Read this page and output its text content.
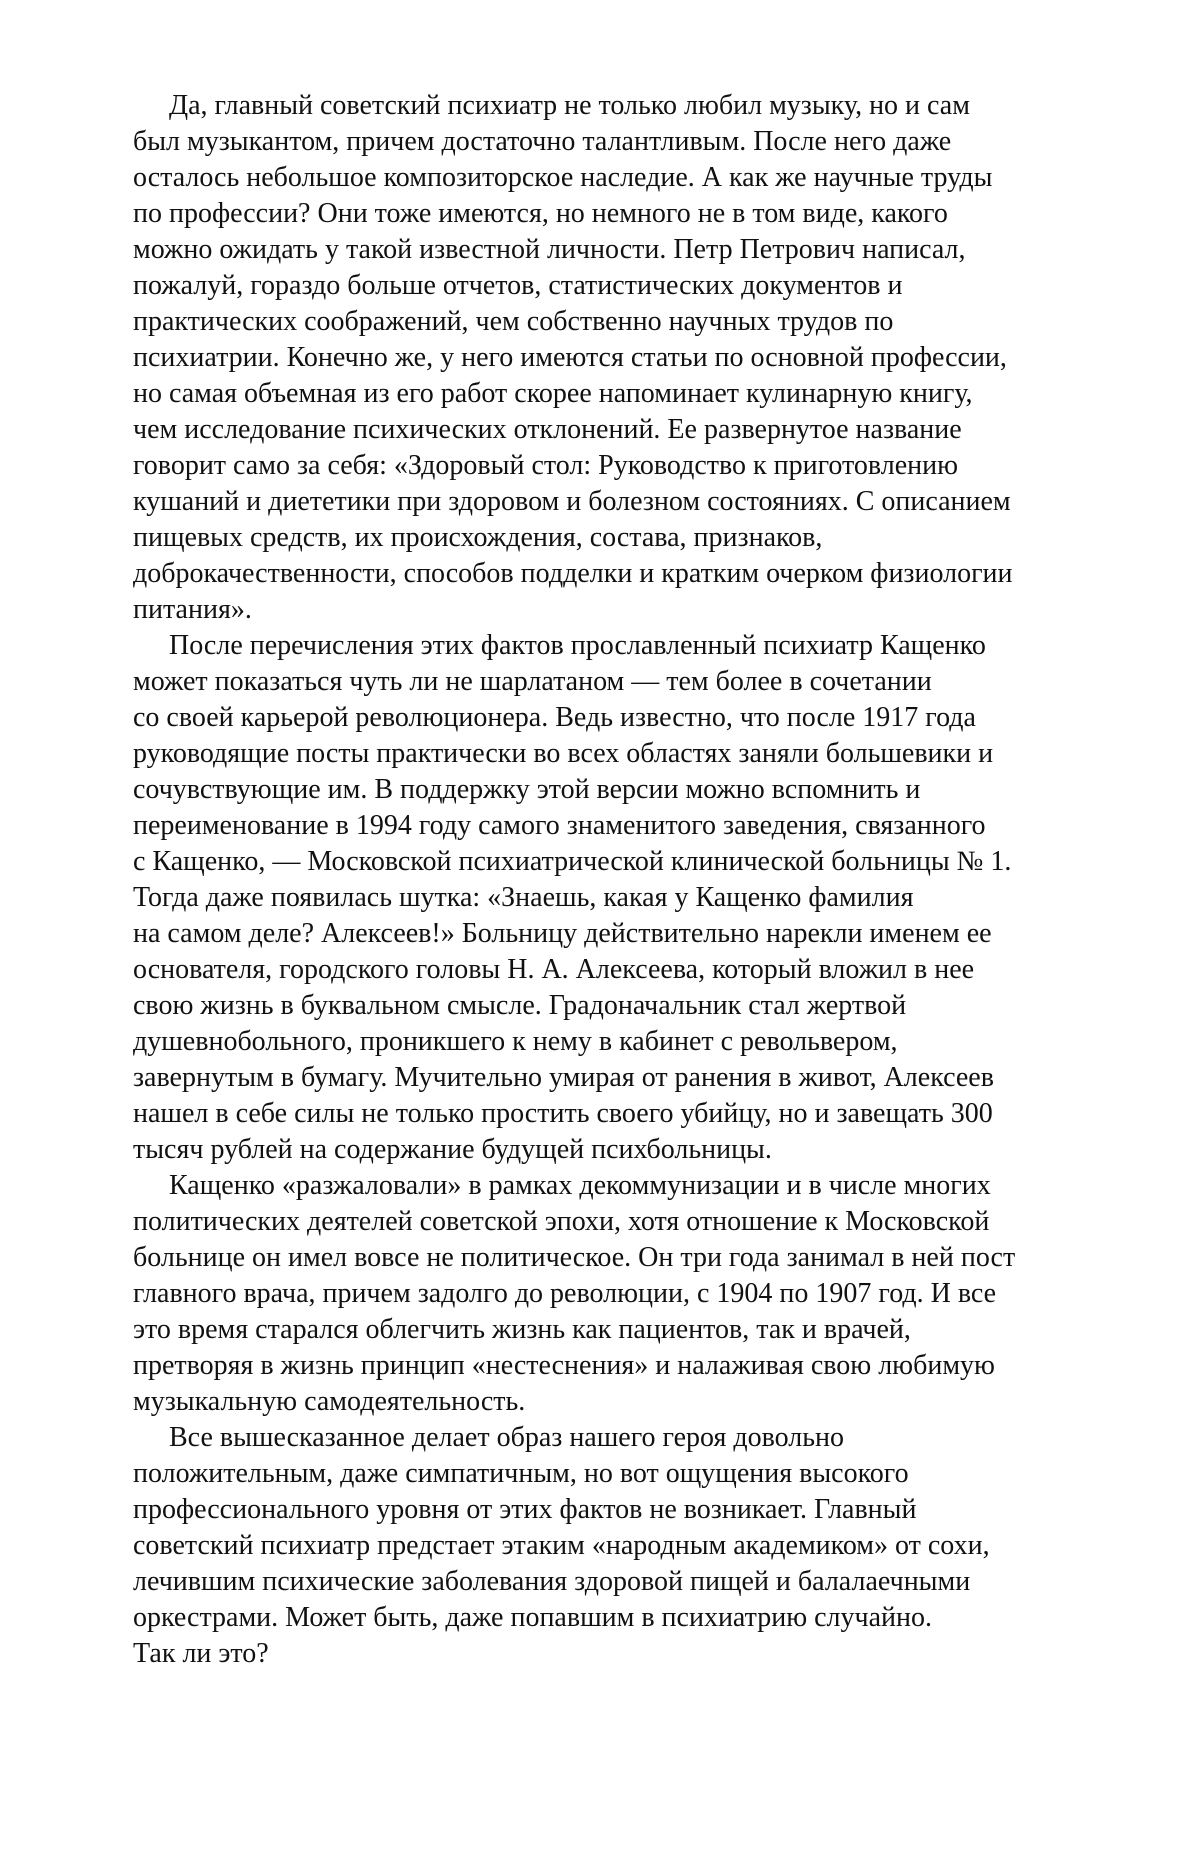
Да, главный советский психиатр не только любил музыку, но и сам
был музыкантом, причем достаточно талантливым. После него даже
осталось небольшое композиторское наследие. А как же научные труды
по профессии? Они тоже имеются, но немного не в том виде, какого
можно ожидать у такой известной личности. Петр Петрович написал,
пожалуй, гораздо больше отчетов, статистических документов и
практических соображений, чем собственно научных трудов по
психиатрии. Конечно же, у него имеются статьи по основной профессии,
но самая объемная из его работ скорее напоминает кулинарную книгу,
чем исследование психических отклонений. Ее развернутое название
говорит само за себя: «Здоровый стол: Руководство к приготовлению
кушаний и диететики при здоровом и болезном состояниях. С описанием
пищевых средств, их происхождения, состава, признаков,
доброкачественности, способов подделки и кратким очерком физиологии
питания».

После перечисления этих фактов прославленный психиатр Кащенко
может показаться чуть ли не шарлатаном — тем более в сочетании
со своей карьерой революционера. Ведь известно, что после 1917 года
руководящие посты практически во всех областях заняли большевики и
сочувствующие им. В поддержку этой версии можно вспомнить и
переименование в 1994 году самого знаменитого заведения, связанного
с Кащенко, — Московской психиатрической клинической больницы № 1.
Тогда даже появилась шутка: «Знаешь, какая у Кащенко фамилия
на самом деле? Алексеев!» Больницу действительно нарекли именем ее
основателя, городского головы Н. А. Алексеева, который вложил в нее
свою жизнь в буквальном смысле. Градоначальник стал жертвой
душевнобольного, проникшего к нему в кабинет с револьвером,
завернутым в бумагу. Мучительно умирая от ранения в живот, Алексеев
нашел в себе силы не только простить своего убийцу, но и завещать 300
тысяч рублей на содержание будущей психбольницы.

Кащенко «разжаловали» в рамках декоммунизации и в числе многих
политических деятелей советской эпохи, хотя отношение к Московской
больнице он имел вовсе не политическое. Он три года занимал в ней пост
главного врача, причем задолго до революции, с 1904 по 1907 год. И все
это время старался облегчить жизнь как пациентов, так и врачей,
претворяя в жизнь принцип «нестеснения» и налаживая свою любимую
музыкальную самодеятельность.

Все вышесказанное делает образ нашего героя довольно
положительным, даже симпатичным, но вот ощущения высокого
профессионального уровня от этих фактов не возникает. Главный
советский психиатр предстает этаким «народным академиком» от сохи,
лечившим психические заболевания здоровой пищей и балалаечными
оркестрами. Может быть, даже попавшим в психиатрию случайно.
Так ли это?
